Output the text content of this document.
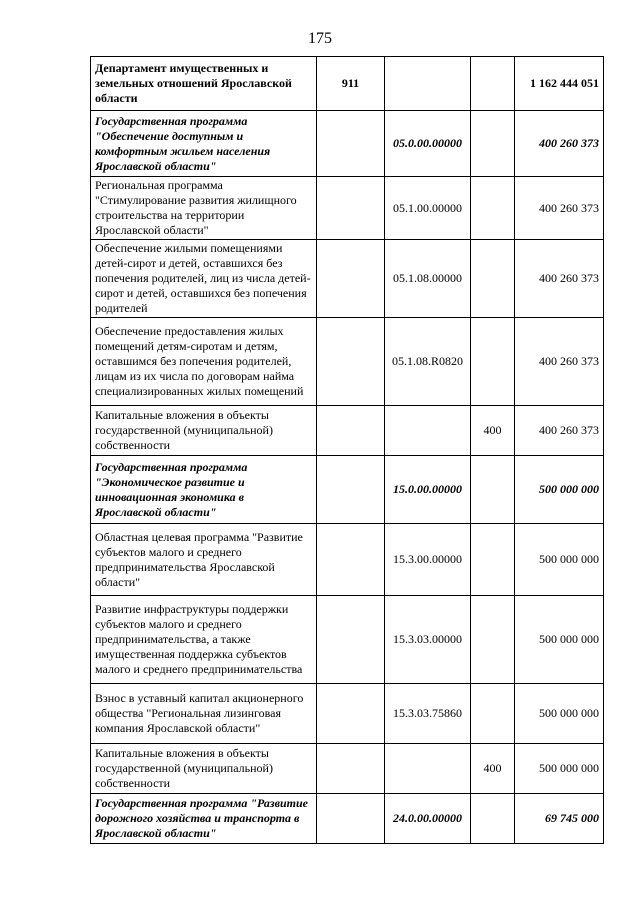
175
Департамент имущественных и земельных отношений Ярославской области	911			1 162 444 051
Государственная программа "Обеспечение доступным и комфортным жильем населения Ярославской области"		05.0.00.00000		400 260 373
Региональная программа "Стимулирование развития жилищного строительства на территории Ярославской области"		05.1.00.00000		400 260 373
Обеспечение жилыми помещениями детей-сирот и детей, оставшихся без попечения родителей, лиц из числа детей-сирот и детей, оставшихся без попечения родителей		05.1.08.00000		400 260 373
Обеспечение предоставления жилых помещений детям-сиротам и детям, оставшимся без попечения родителей, лицам из их числа по договорам найма специализированных жилых помещений		05.1.08.R0820		400 260 373
Капитальные вложения в объекты государственной (муниципальной) собственности			400	400 260 373
Государственная программа "Экономическое развитие и инновационная экономика в Ярославской области"		15.0.00.00000		500 000 000
Областная целевая программа "Развитие субъектов малого и среднего предпринимательства Ярославской области"		15.3.00.00000		500 000 000
Развитие инфраструктуры поддержки субъектов малого и среднего предпринимательства, а также имущественная поддержка субъектов малого и среднего предпринимательства		15.3.03.00000		500 000 000
Взнос в уставный капитал акционерного общества "Региональная лизинговая компания Ярославской области"		15.3.03.75860		500 000 000
Капитальные вложения в объекты государственной (муниципальной) собственности			400	500 000 000
Государственная программа "Развитие дорожного хозяйства и транспорта в Ярославской области"		24.0.00.00000		69 745 000
